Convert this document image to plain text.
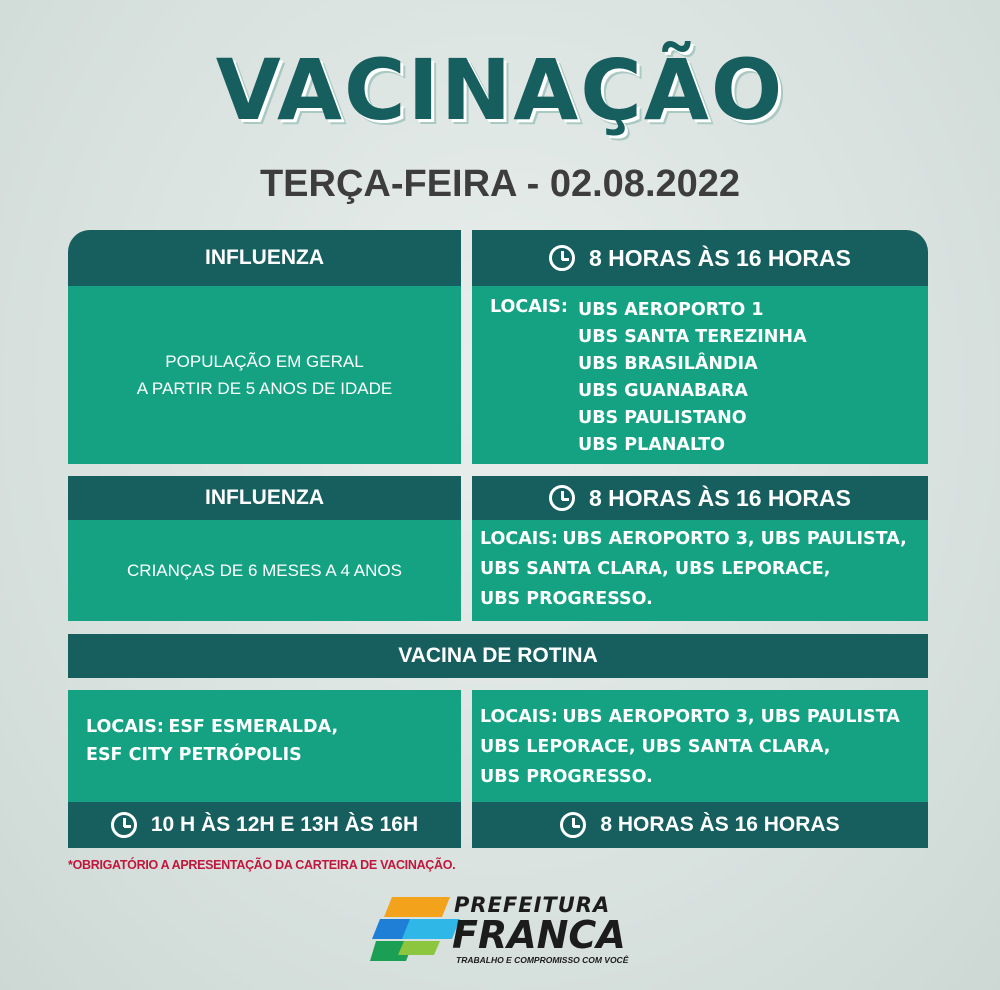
VACINAÇÃO
TERÇA-FEIRA - 02.08.2022
INFLUENZA	8 HORAS ÀS 16 HORAS
POPULAÇÃO EM GERAL
A PARTIR DE 5 ANOS DE IDADE
LOCAIS: UBS AEROPORTO 1
UBS SANTA TEREZINHA
UBS BRASILÂNDIA
UBS GUANABARA
UBS PAULISTANO
UBS PLANALTO
INFLUENZA	8 HORAS ÀS 16 HORAS
CRIANÇAS DE 6 MESES A 4 ANOS
LOCAIS: UBS AEROPORTO 3, UBS PAULISTA,
UBS SANTA CLARA, UBS LEPORACE,
UBS PROGRESSO.
VACINA DE ROTINA
LOCAIS: ESF ESMERALDA,
ESF CITY PETRÓPOLIS
10 H ÀS 12H E 13H ÀS 16H
LOCAIS: UBS AEROPORTO 3, UBS PAULISTA
UBS LEPORACE, UBS SANTA CLARA,
UBS PROGRESSO.
8 HORAS ÀS 16 HORAS
*OBRIGATÓRIO A APRESENTAÇÃO DA CARTEIRA DE VACINAÇÃO.
PREFEITURA
FRANCA
TRABALHO E COMPROMISSO COM VOCÊ
